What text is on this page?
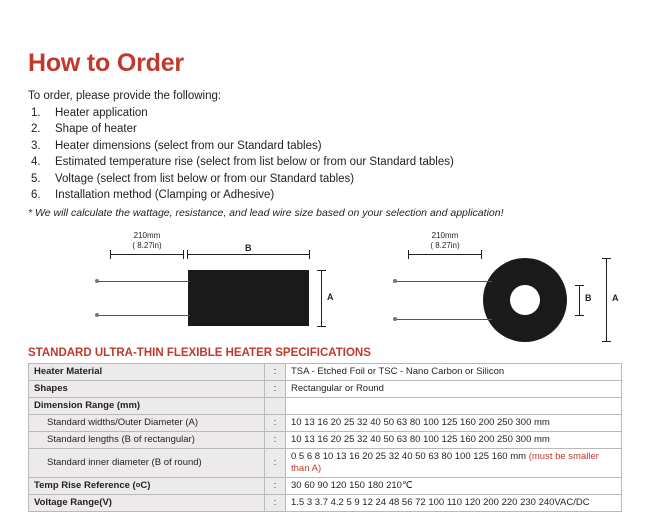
How to Order
To order, please provide the following:
1. Heater application
2. Shape of heater
3. Heater dimensions (select from our Standard tables)
4. Estimated temperature rise (select from list below or from our Standard tables)
5. Voltage (select from list below or from our Standard tables)
6. Installation method (Clamping or Adhesive)
* We will calculate the wattage, resistance, and lead wire size based on your selection and application!
210mm
( 8.27in)	B
A
210mm
( 8.27in)
B A
STANDARD ULTRA-THIN FLEXIBLE HEATER SPECIFICATIONS
Heater Material	:	TSA - Etched Foil or TSC - Nano Carbon or Silicon
Shapes	:	Rectangular or Round
Dimension Range (mm)		
Standard widths/Outer Diameter (A)	:	10 13 16 20 25 32 40 50 63 80 100 125 160 200 250 300 mm
Standard lengths (B of rectangular)	:	10 13 16 20 25 32 40 50 63 80 100 125 160 200 250 300 mm
Standard inner diameter (B of round)	:	0 5 6 8 10 13 16 20 25 32 40 50 63 80 100 125 160 mm (must be smaller than A)
Temp Rise Reference ($^o$C)	:	30 60 90 120 150 180 210℃
Voltage Range(V)	:	1.5 3 3.7 4.2 5 9 12 24 48 56 72 100 110 120 200 220 230 240VAC/DC
